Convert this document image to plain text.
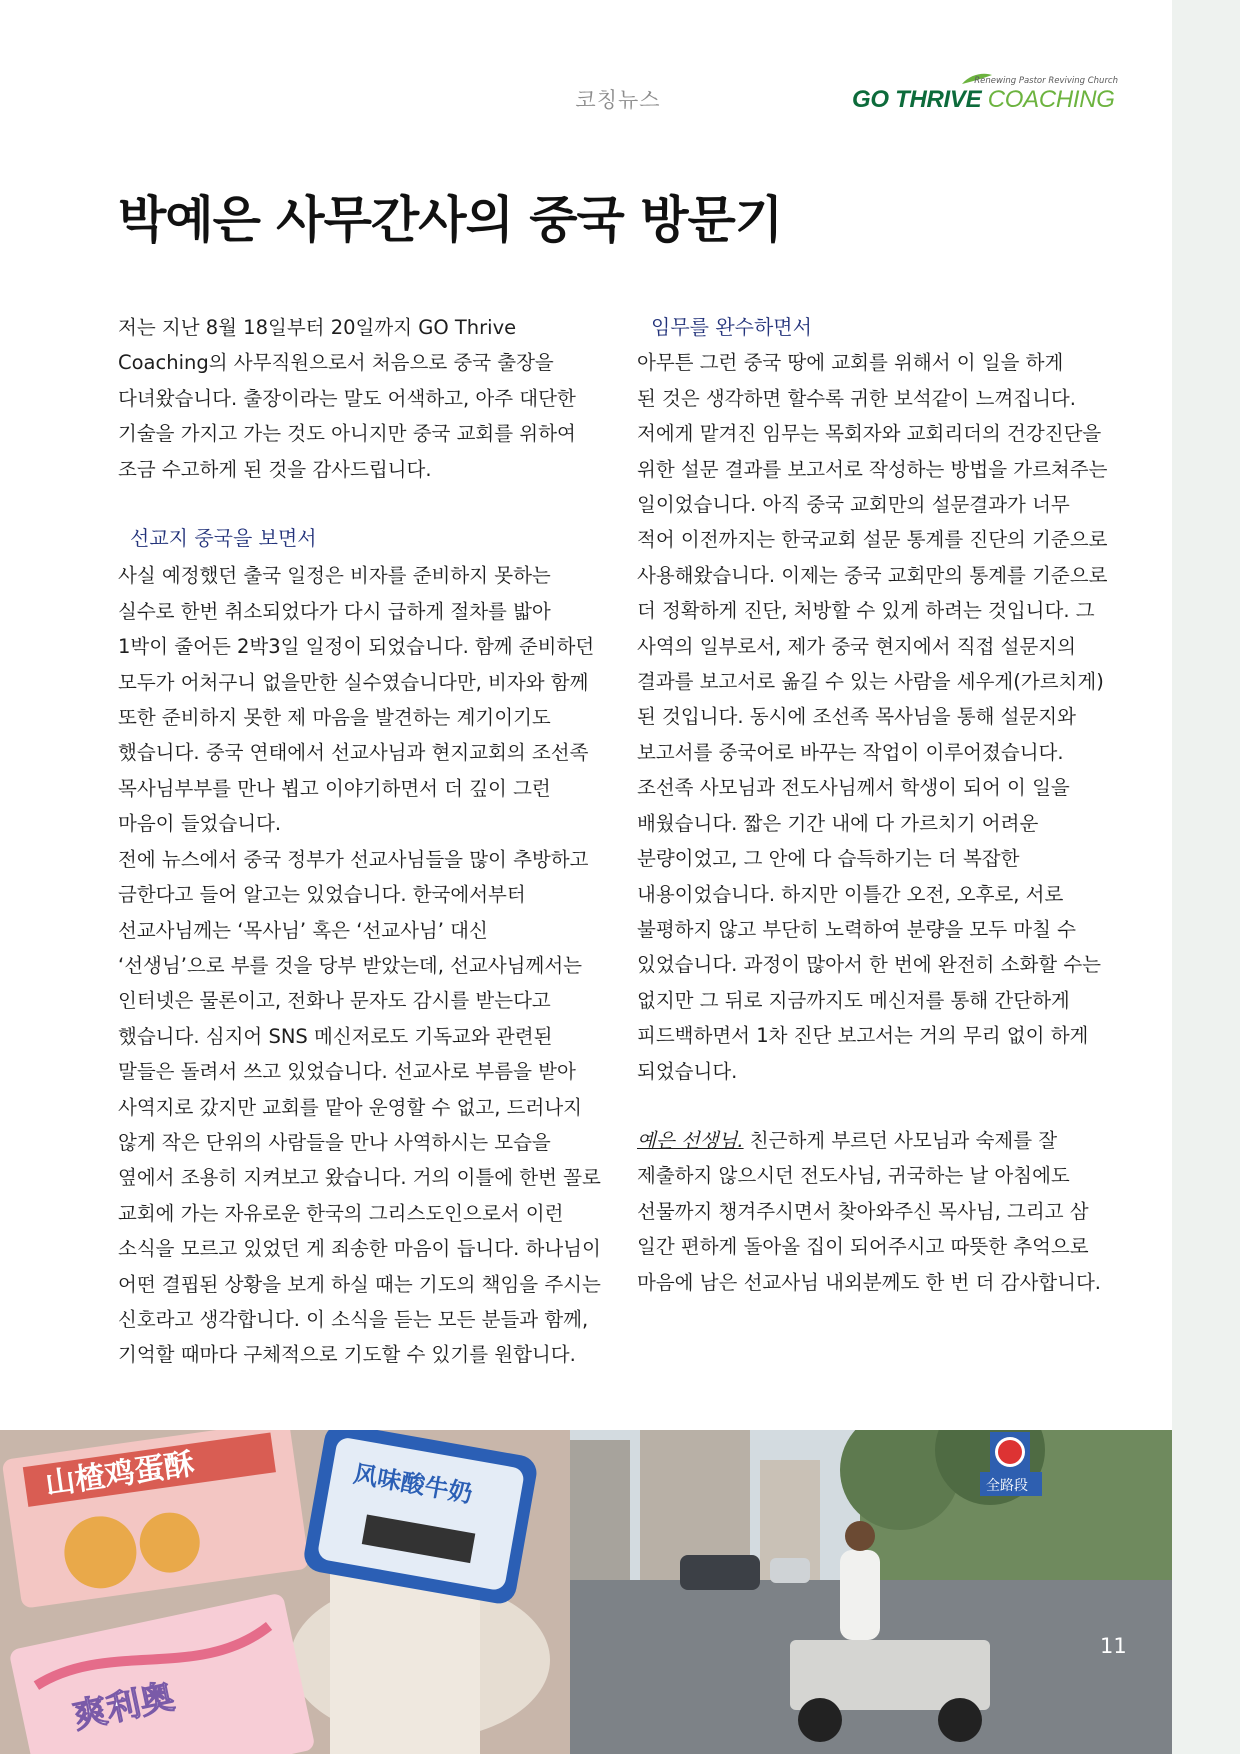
코칭뉴스
Renewing Pastor Reviving Church
GO THRIVE COACHING
박예은 사무간사의 중국 방문기

저는 지난 8월 18일부터 20일까지 GO Thrive
Coaching의 사무직원으로서 처음으로 중국 출장을
다녀왔습니다. 출장이라는 말도 어색하고, 아주 대단한
기술을 가지고 가는 것도 아니지만 중국 교회를 위하여
조금 수고하게 된 것을 감사드립니다.

선교지 중국을 보면서

사실 예정했던 출국 일정은 비자를 준비하지 못하는
실수로 한번 취소되었다가 다시 급하게 절차를 밟아
1박이 줄어든 2박3일 일정이 되었습니다. 함께 준비하던
모두가 어처구니 없을만한 실수였습니다만, 비자와 함께
또한 준비하지 못한 제 마음을 발견하는 계기이기도
했습니다. 중국 연태에서 선교사님과 현지교회의 조선족
목사님부부를 만나 뵙고 이야기하면서 더 깊이 그런
마음이 들었습니다.

전에 뉴스에서 중국 정부가 선교사님들을 많이 추방하고
금한다고 들어 알고는 있었습니다. 한국에서부터
선교사님께는 ‘목사님’ 혹은 ‘선교사님’ 대신
‘선생님’으로 부를 것을 당부 받았는데, 선교사님께서는
인터넷은 물론이고, 전화나 문자도 감시를 받는다고
했습니다. 심지어 SNS 메신저로도 기독교와 관련된
말들은 돌려서 쓰고 있었습니다. 선교사로 부름을 받아
사역지로 갔지만 교회를 맡아 운영할 수 없고, 드러나지
않게 작은 단위의 사람들을 만나 사역하시는 모습을
옆에서 조용히 지켜보고 왔습니다. 거의 이틀에 한번 꼴로
교회에 가는 자유로운 한국의 그리스도인으로서 이런
소식을 모르고 있었던 게 죄송한 마음이 듭니다. 하나님이
어떤 결핍된 상황을 보게 하실 때는 기도의 책임을 주시는
신호라고 생각합니다. 이 소식을 듣는 모든 분들과 함께,
기억할 때마다 구체적으로 기도할 수 있기를 원합니다.

임무를 완수하면서

아무튼 그런 중국 땅에 교회를 위해서 이 일을 하게
된 것은 생각하면 할수록 귀한 보석같이 느껴집니다.
저에게 맡겨진 임무는 목회자와 교회리더의 건강진단을
위한 설문 결과를 보고서로 작성하는 방법을 가르쳐주는
일이었습니다. 아직 중국 교회만의 설문결과가 너무
적어 이전까지는 한국교회 설문 통계를 진단의 기준으로
사용해왔습니다. 이제는 중국 교회만의 통계를 기준으로
더 정확하게 진단, 처방할 수 있게 하려는 것입니다. 그
사역의 일부로서, 제가 중국 현지에서 직접 설문지의
결과를 보고서로 옮길 수 있는 사람을 세우게(가르치게)
된 것입니다. 동시에 조선족 목사님을 통해 설문지와
보고서를 중국어로 바꾸는 작업이 이루어졌습니다.
조선족 사모님과 전도사님께서 학생이 되어 이 일을
배웠습니다. 짧은 기간 내에 다 가르치기 어려운
분량이었고, 그 안에 다 습득하기는 더 복잡한
내용이었습니다. 하지만 이틀간 오전, 오후로, 서로
불평하지 않고 부단히 노력하여 분량을 모두 마칠 수
있었습니다. 과정이 많아서 한 번에 완전히 소화할 수는
없지만 그 뒤로 지금까지도 메신저를 통해 간단하게
피드백하면서 1차 진단 보고서는 거의 무리 없이 하게
되었습니다.

예은 선생님. 친근하게 부르던 사모님과 숙제를 잘
제출하지 않으시던 전도사님, 귀국하는 날 아침에도
선물까지 챙겨주시면서 찾아와주신 목사님, 그리고 삼
일간 편하게 돌아올 집이 되어주시고 따뜻한 추억으로
마음에 남은 선교사님 내외분께도 한 번 더 감사합니다.

山楂鸡蛋酥	风味酸牛奶
爽利奥
全路段
11
